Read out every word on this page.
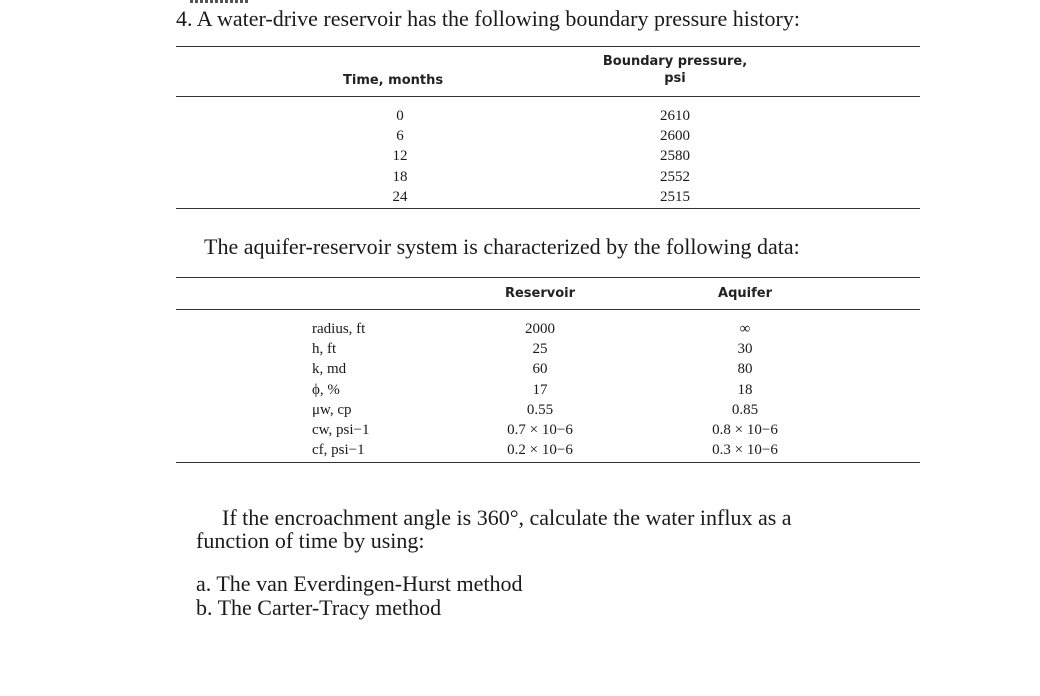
4. A water-drive reservoir has the following boundary pressure history:
Time, months
Boundary pressure,
psi
0
6
12
18
24
2610
2600
2580
2552
2515
The aquifer-reservoir system is characterized by the following data:
Reservoir	Aquifer
radius, ft
h, ft
k, md
ϕ, %
μw, cp
cw, psi−1
cf, psi−1
2000
25
60
17
0.55
0.7 × 10−6
0.2 × 10−6
∞
30
80
18
0.85
0.8 × 10−6
0.3 × 10−6
If the encroachment angle is 360°, calculate the water influx as a
function of time by using:
a. The van Everdingen-Hurst method
b. The Carter-Tracy method
